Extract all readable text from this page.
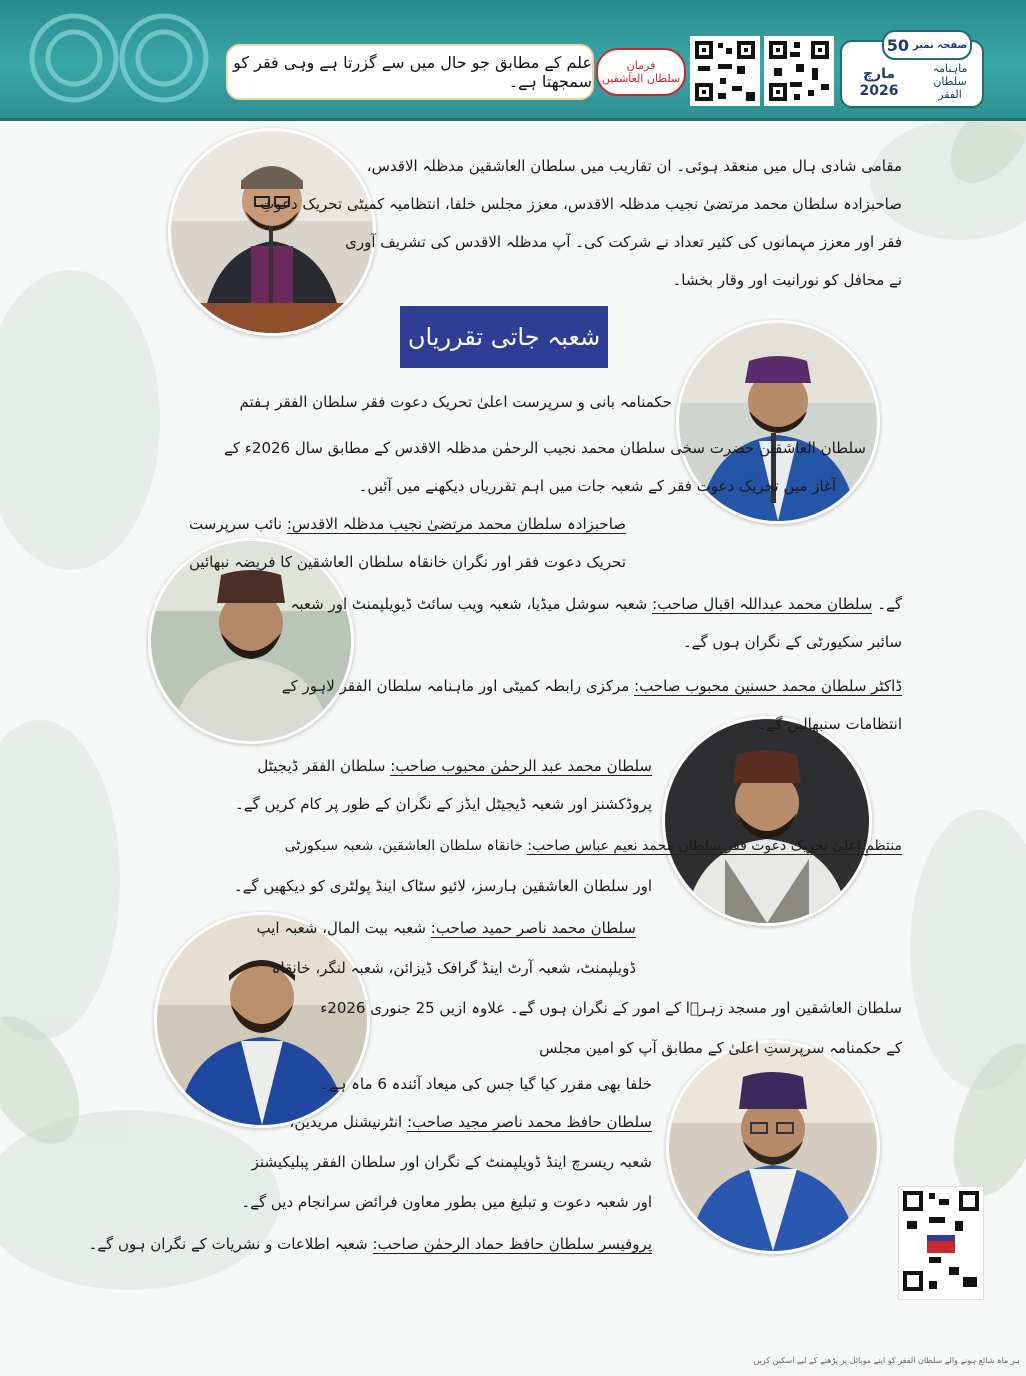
علم کے مطابق جو حال میں سے گزرتا ہے وہی فقر کو سمجھتا ہے۔
فرمانِ
سلطان العاشقین
50 صفحہ نمبر
مارچ
2026
ماہنامہ سلطان الفقر
مقامی شادی ہال میں منعقد ہوئی۔ ان تقاریب میں سلطان العاشقین مدظلہ الاقدس،
صاحبزادہ سلطان محمد مرتضیٰ نجیب مدظلہ الاقدس، معزز مجلس خلفا، انتظامیہ کمیٹی تحریک دعوتِ
فقر اور معزز مہمانوں کی کثیر تعداد نے شرکت کی۔ آپ مدظلہ الاقدس کی تشریف آوری
نے محافل کو نورانیت اور وقار بخشا۔
شعبہ جاتی تقرریاں
حکمنامہ بانی و سرپرست اعلیٰ تحریک دعوت فقر سلطان الفقر ہفتم
سلطان العاشقین حضرت سخی سلطان محمد نجیب الرحمٰن مدظلہ الاقدس کے مطابق سال 2026ء کے
آغاز میں تحریک دعوت فقر کے شعبہ جات میں اہم تقرریاں دیکھنے میں آئیں۔
صاحبزادہ سلطان محمد مرتضیٰ نجیب مدظلہ الاقدس: نائب سرپرست
تحریک دعوت فقر اور نگران خانقاہ سلطان العاشقین کا فریضہ نبھائیں
گے۔ سلطان محمد عبداللہ اقبال صاحب: شعبہ سوشل میڈیا، شعبہ ویب سائٹ ڈیویلپمنٹ اور شعبہ
سائبر سکیورٹی کے نگران ہوں گے۔
ڈاکٹر سلطان محمد حسنین محبوب صاحب: مرکزی رابطہ کمیٹی اور ماہنامہ سلطان الفقر لاہور کے
انتظامات سنبھالیں گے۔
سلطان محمد عبد الرحمٰن محبوب صاحب: سلطان الفقر ڈیجیٹل
پروڈکشنز اور شعبہ ڈیجیٹل ایڈز کے نگران کے طور پر کام کریں گے۔
منتظمِ اعلیٰ تحریک دعوت فقر سلطان محمد نعیم عباس صاحب: خانقاہ سلطان العاشقین، شعبہ سیکورٹی
اور سلطان العاشقین ہارسز، لائیو سٹاک اینڈ پولٹری کو دیکھیں گے۔
سلطان محمد ناصر حمید صاحب: شعبہ بیت المال، شعبہ ایپ
ڈویلپمنٹ، شعبہ آرٹ اینڈ گرافک ڈیزائن، شعبہ لنگر، خانقاہ
سلطان العاشقین اور مسجد زہرؓا کے امور کے نگران ہوں گے۔ علاوہ ازیں 25 جنوری 2026ء
کے حکمنامہ سرپرستِ اعلیٰ کے مطابق آپ کو امین مجلس
خلفا بھی مقرر کیا گیا جس کی میعاد آئندہ 6 ماہ ہے۔
سلطان حافظ محمد ناصر مجید صاحب: انٹرنیشنل مریدین،
شعبہ ریسرچ اینڈ ڈویلپمنٹ کے نگران اور سلطان الفقر پبلیکیشنز
اور شعبہ دعوت و تبلیغ میں بطور معاون فرائض سرانجام دیں گے۔
پروفیسر سلطان حافظ حماد الرحمٰن صاحب: شعبہ اطلاعات و نشریات کے نگران ہوں گے۔
ہر ماہ شائع ہونے والے سلطان الفقر کو اپنے موبائل پر پڑھنے کے لیے اسکین کریں
